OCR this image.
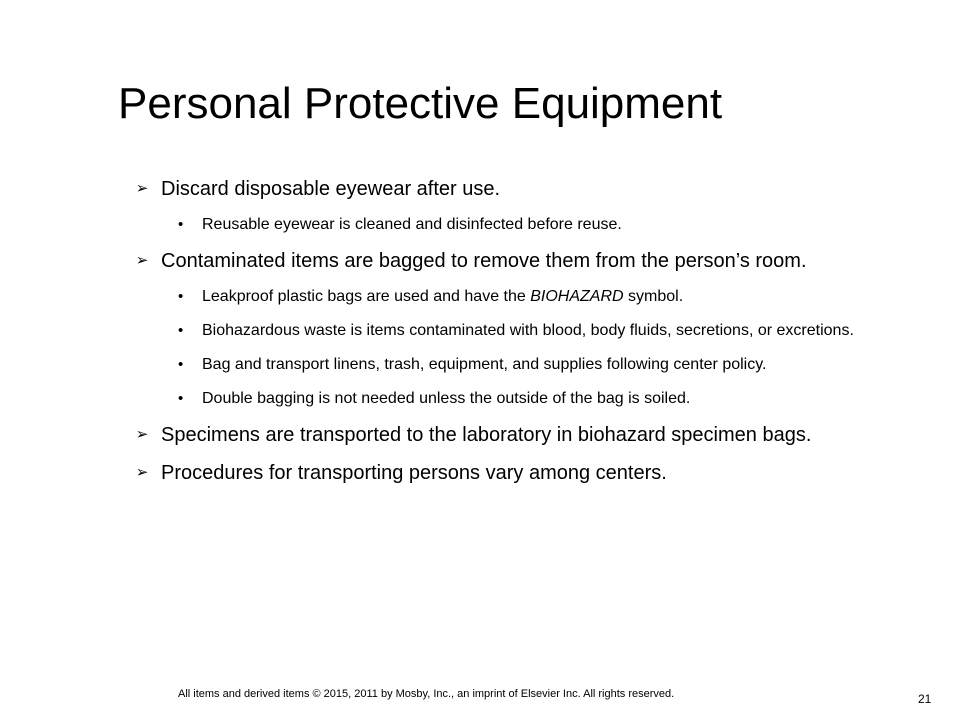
Personal Protective Equipment
➢ Discard disposable eyewear after use.
• Reusable eyewear is cleaned and disinfected before reuse.
➢ Contaminated items are bagged to remove them from the person’s room.
• Leakproof plastic bags are used and have the BIOHAZARD symbol.
• Biohazardous waste is items contaminated with blood, body fluids, secretions, or excretions.
• Bag and transport linens, trash, equipment, and supplies following center policy.
• Double bagging is not needed unless the outside of the bag is soiled.
➢ Specimens are transported to the laboratory in biohazard specimen bags.
➢ Procedures for transporting persons vary among centers.
All items and derived items © 2015, 2011 by Mosby, Inc., an imprint of Elsevier Inc. All rights reserved.	21
